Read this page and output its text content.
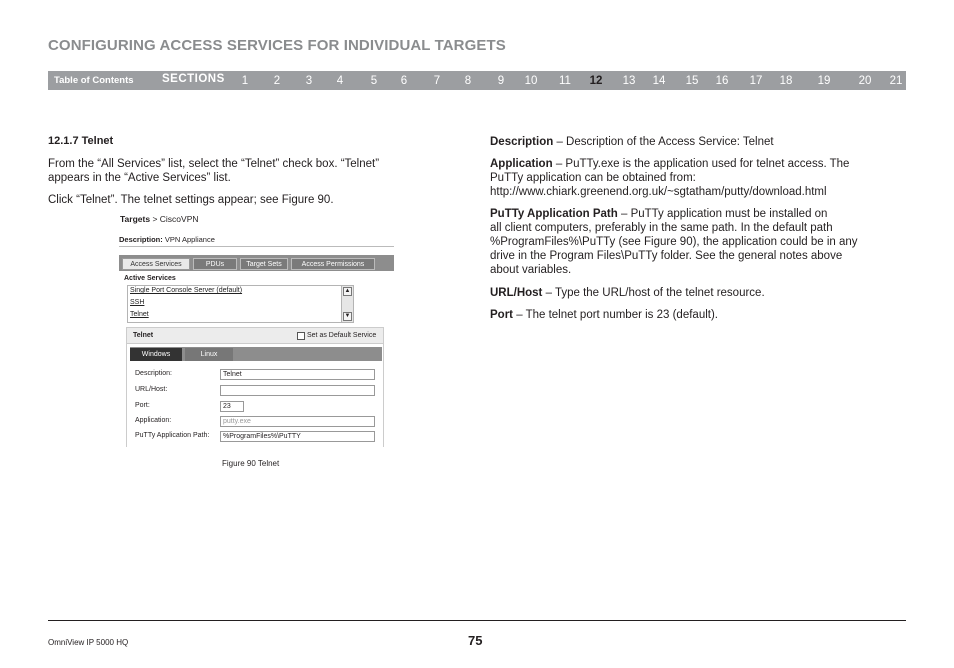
CONFIGURING ACCESS SERVICES FOR INDIVIDUAL TARGETS
Table of Contents SECTIONS	1	2	3	4	5	6	7	8	9	10	11	12	13	14	15	16	17	18	19	20	21
12.1.7 Telnet
From the “All Services” list, select the “Telnet” check box. “Telnet”
appears in the “Active Services” list.
Click “Telnet”. The telnet settings appear; see Figure 90.
Targets > CiscoVPN
Description: VPN Appliance
Access Services	PDUs	Target Sets	Access Permissions
Active Services
Single Port Console Server (default)
SSH
Telnet
▲
▼
Telnet	Set as Default Service
Windows	Linux
Description:	Telnet
URL/Host:
Port:	23
Application:	putty.exe
PuTTy Application Path:	%ProgramFiles%\PuTTY
Figure 90 Telnet
Description – Description of the Access Service: Telnet
Application – PuTTy.exe is the application used for telnet access. The
PuTTy application can be obtained from:
http://www.chiark.greenend.org.uk/~sgtatham/putty/download.html
PuTTy Application Path – PuTTy application must be installed on
all client computers, preferably in the same path. In the default path
%ProgramFiles%\PuTTy (see Figure 90), the application could be in any
drive in the Program Files\PuTTy folder. See the general notes above
about variables.
URL/Host – Type the URL/host of the telnet resource.
Port – The telnet port number is 23 (default).
OmniView IP 5000 HQ	75
